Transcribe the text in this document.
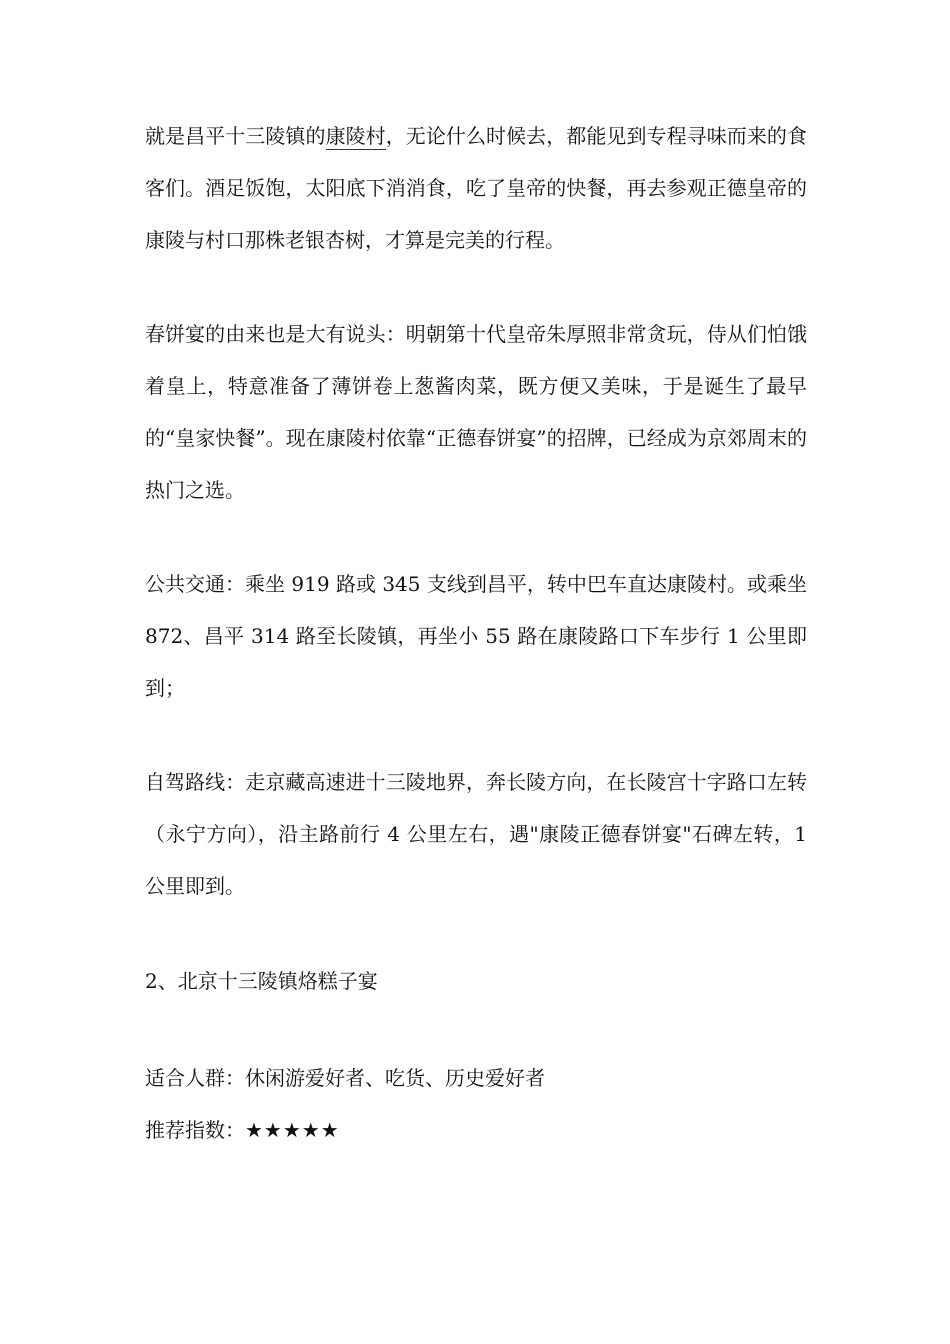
就是昌平十三陵镇的康陵村，无论什么时候去，都能见到专程寻味而来的食客们。酒足饭饱，太阳底下消消食，吃了皇帝的快餐，再去参观正德皇帝的康陵与村口那株老银杏树，才算是完美的行程。

春饼宴的由来也是大有说头：明朝第十代皇帝朱厚照非常贪玩，侍从们怕饿着皇上，特意准备了薄饼卷上葱酱肉菜，既方便又美味，于是诞生了最早的“皇家快餐”。现在康陵村依靠“正德春饼宴”的招牌，已经成为京郊周末的热门之选。

公共交通：乘坐 919 路或 345 支线到昌平，转中巴车直达康陵村。或乘坐 872、昌平 314 路至长陵镇，再坐小 55 路在康陵路口下车步行 1 公里即到；

自驾路线：走京藏高速进十三陵地界，奔长陵方向，在长陵宫十字路口左转（永宁方向），沿主路前行 4 公里左右，遇"康陵正德春饼宴"石碑左转，1 公里即到。

2、北京十三陵镇烙糕子宴

适合人群：休闲游爱好者、吃货、历史爱好者
推荐指数：★★★★★
